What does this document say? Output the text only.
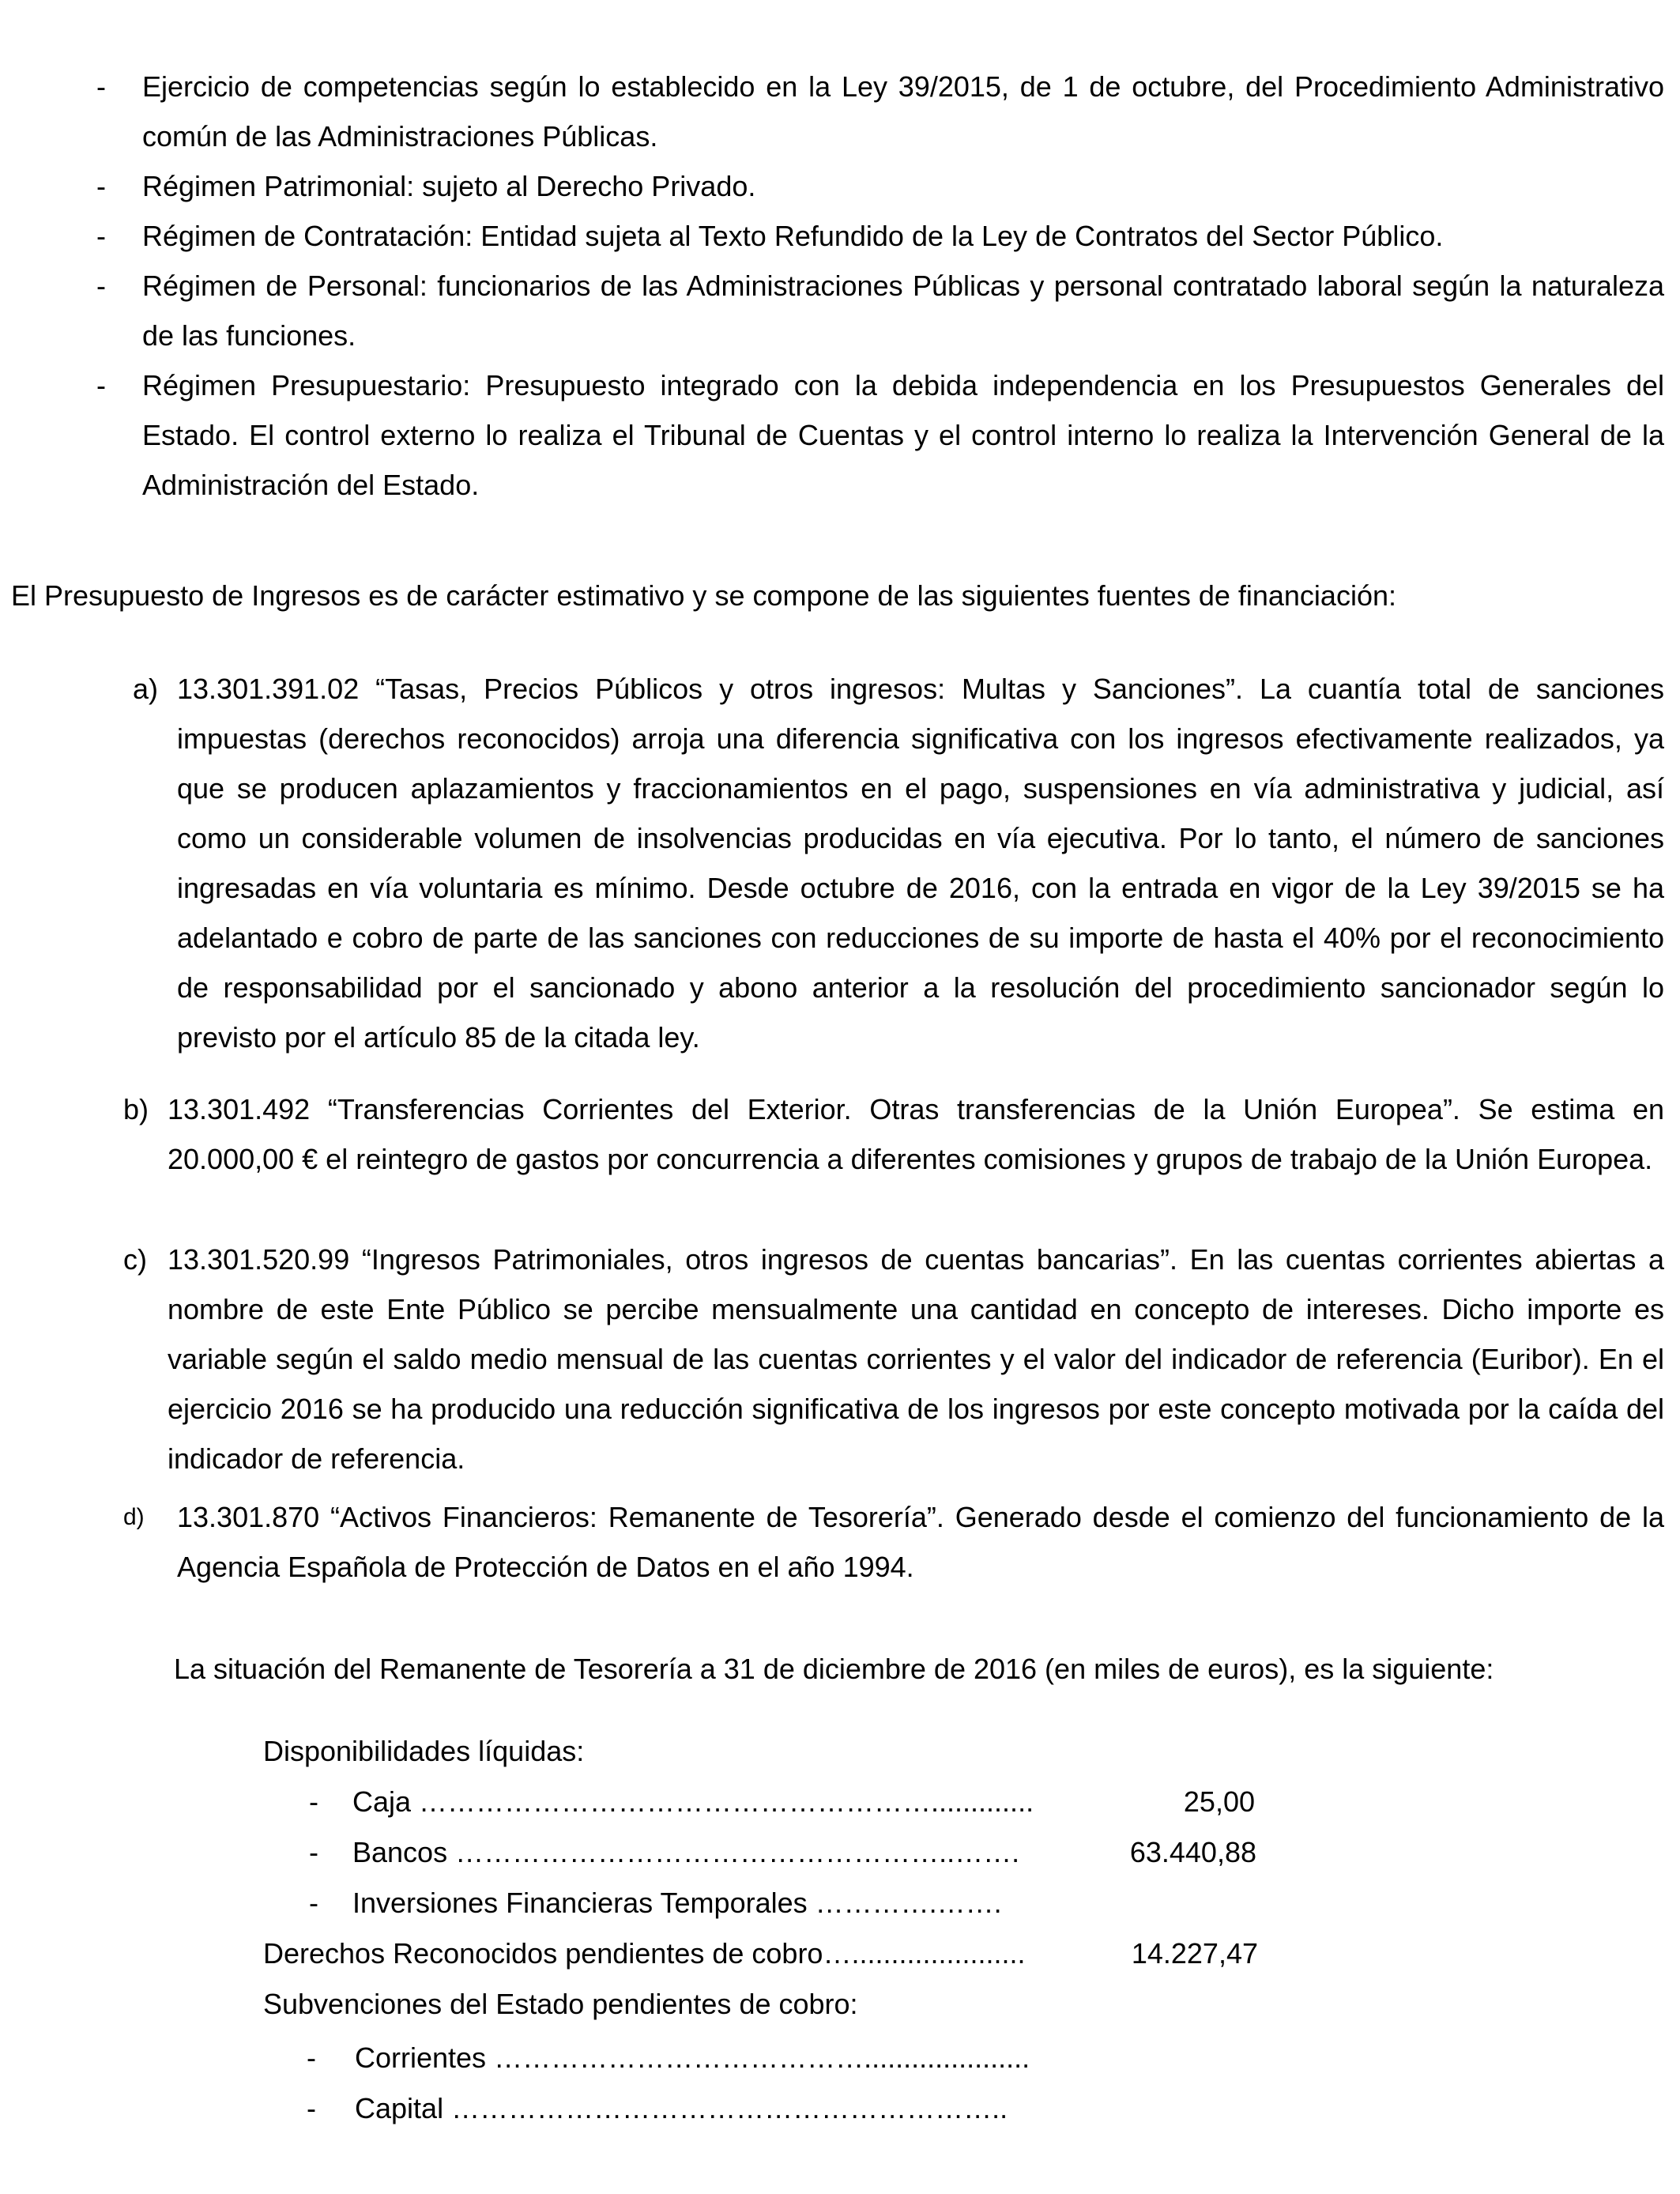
- Ejercicio de competencias según lo establecido en la Ley 39/2015, de 1 de octubre, del Procedimiento Administrativo común de las Administraciones Públicas.
- Régimen Patrimonial: sujeto al Derecho Privado.
- Régimen de Contratación: Entidad sujeta al Texto Refundido de la Ley de Contratos del Sector Público.
- Régimen de Personal: funcionarios de las Administraciones Públicas y personal contratado laboral según la naturaleza de las funciones.
- Régimen Presupuestario: Presupuesto integrado con la debida independencia en los Presupuestos Generales del Estado. El control externo lo realiza el Tribunal de Cuentas y el control interno lo realiza la Intervención General de la Administración del Estado.
El Presupuesto de Ingresos es de carácter estimativo y se compone de las siguientes fuentes de financiación:
a) 13.301.391.02 “Tasas, Precios Públicos y otros ingresos: Multas y Sanciones”. La cuantía total de sanciones impuestas (derechos reconocidos) arroja una diferencia significativa con los ingresos efectivamente realizados, ya que se producen aplazamientos y fraccionamientos en el pago, suspensiones en vía administrativa y judicial, así como un considerable volumen de insolvencias producidas en vía ejecutiva. Por lo tanto, el número de sanciones ingresadas en vía voluntaria es mínimo. Desde octubre de 2016, con la entrada en vigor de la Ley 39/2015 se ha adelantado e cobro de parte de las sanciones con reducciones de su importe de hasta el 40% por el reconocimiento de responsabilidad por el sancionado y abono anterior a la resolución del procedimiento sancionador según lo previsto por el artículo 85 de la citada ley.
b) 13.301.492 “Transferencias Corrientes del Exterior. Otras transferencias de la Unión Europea”. Se estima en 20.000,00 € el reintegro de gastos por concurrencia a diferentes comisiones y grupos de trabajo de la Unión Europea.
c) 13.301.520.99 “Ingresos Patrimoniales, otros ingresos de cuentas bancarias”. En las cuentas corrientes abiertas a nombre de este Ente Público se percibe mensualmente una cantidad en concepto de intereses. Dicho importe es variable según el saldo medio mensual de las cuentas corrientes y el valor del indicador de referencia (Euribor). En el ejercicio 2016 se ha producido una reducción significativa de los ingresos por este concepto motivada por la caída del indicador de referencia.
d) 13.301.870 “Activos Financieros: Remanente de Tesorería”. Generado desde el comienzo del funcionamiento de la Agencia Española de Protección de Datos en el año 1994.
La situación del Remanente de Tesorería a 31 de diciembre de 2016 (en miles de euros), es la siguiente:
Disponibilidades líquidas:
- Caja ……………………………………………….............	25,00
- Bancos ……………………………………………..…….	63.440,88
- Inversiones Financieras Temporales ………….…….
Derechos Reconocidos pendientes de cobro…......................	14.227,47
Subvenciones del Estado pendientes de cobro:
- Corrientes ………………………………….....................
- Capital …………………………………………………..
